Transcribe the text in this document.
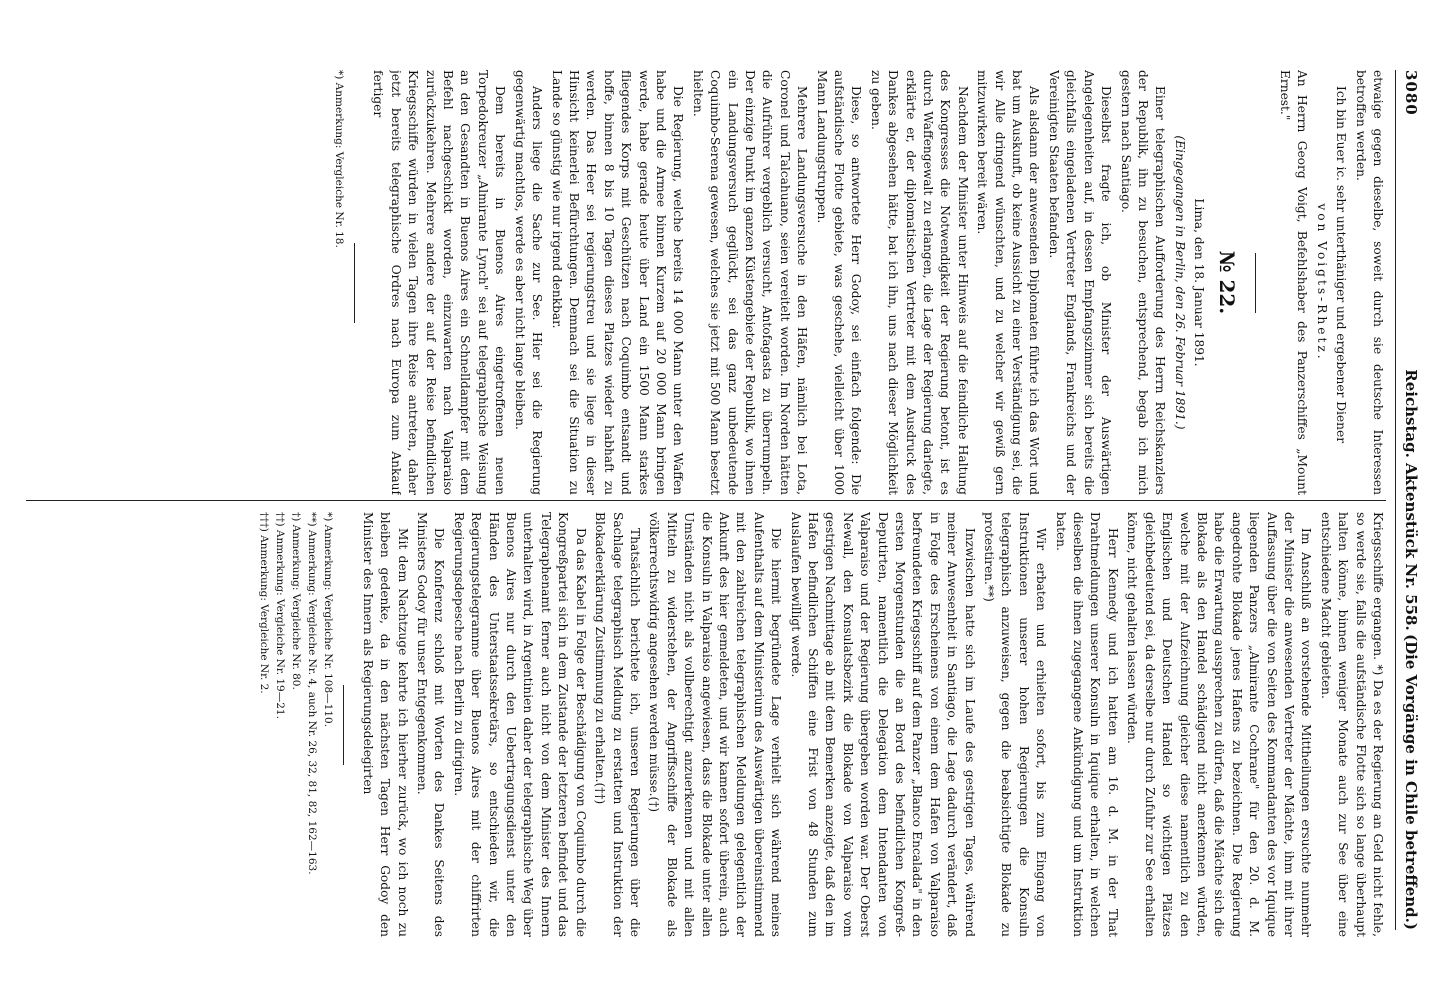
3080
Reichstag. Aktenstück Nr. 558.
(Die Vorgänge in Chile betreffend.)

etwaige gegen dieselbe, soweit durch sie deutsche Interessen betroffen werden.

Ich bin Euer ic. sehr unterthäniger und ergebener Diener

von Voigts-Rhetz.

An Herrn Georg Voigt, Befehlshaber des Panzerschiffes „Mount Ernest."

№ 22.

Lima, den 18. Januar 1891.

(Eingegangen in Berlin, den 26. Februar 1891.)

Einer telegraphischen Aufforderung des Herrn Reichskanzlers der Republik, ihn zu besuchen, entsprechend, begab ich mich gestern nach Santiago.

Dieselbst fragte ich, ob Minister der Auswärtigen Angelegenheiten auf, in dessen Empfangszimmer sich bereits die gleichfalls eingeladenen Vertreter Englands, Frankreichs und der Vereinigten Staaten befanden.

Als alsdann der anwesenden Diplomaten führte ich das Wort und bat um Auskunft, ob keine Aussicht zu einer Verständigung sei, die wir Alle dringend wünschten, und zu welcher wir gewiß gern mitzuwirken bereit wären.

Nachdem der Minister unter Hinweis auf die feindliche Haltung des Kongresses die Notwendigkeit der Regierung betont, ist es durch Waffengewalt zu erlangen, die Lage der Regierung darlegte, erklärte er, der diplomatischen Vertreter mit dem Ausdruck des Dankes abgesehen hätte, bat ich ihn, uns nach dieser Möglichkeit zu geben.

Diese, so antwortete Herr Godoy, sei einfach folgende: Die aufständische Flotte gebiete, was geschehe, vielleicht über 1000 Mann Landungstruppen.

Mehrere Landungsversuche in den Häfen, nämlich bei Lota, Coronel und Talcahuano, seien vereitelt worden. Im Norden hätten die Aufrührer vergeblich versucht, Antofagasta zu überrumpeln. Der einzige Punkt im ganzen Küstengebiete der Republik, wo ihnen ein Landungsversuch geglückt, sei das ganz unbedeutende Coquimbo-Serena gewesen, welches sie jetzt mit 500 Mann besetzt hielten.

Die Regierung, welche bereits 14 000 Mann unter den Waffen habe und die Armee binnen Kurzem auf 20 000 Mann bringen werde, habe gerade heute über Land ein 1500 Mann starkes fliegendes Korps mit Geschützen nach Coquimbo entsandt und hoffe, binnen 8 bis 10 Tagen dieses Platzes wieder habhaft zu werden. Das Heer sei regierungstreu und sie liege in dieser Hinsicht keinerlei Befürchtungen. Demnach sei die Situation zu Lande so günstig wie nur irgend denkbar.

Anders liege die Sache zur See. Hier sei die Regierung gegenwärtig machtlos, werde es aber nicht lange bleiben.

Dem bereits in Buenos Aires eingetroffenen neuen Torpedokreuzer „Almirante Lynch" sei auf telegraphische Weisung an den Gesandten in Buenos Aires ein Schnelldampfer mit dem Befehl nachgeschickt worden, einzuwarten nach Valparaiso zurückzukehren. Mehrere andere der auf der Reise befindlichen Kriegsschiffe würden in vielen Tagen ihre Reise antreten, daher jetzt bereits telegraphische Ordres nach Europa zum Ankauf fertiger

*) Anmerkung: Vergleiche Nr. 18.

Kriegsschiffe ergangen. *) Da es der Regierung an Geld nicht fehle, so werde sie, falls die aufständische Flotte sich so lange überhaupt halten könne, binnen weniger Monate auch zur See über eine entschiedene Macht gebieten.

Im Anschluß an vorstehende Mittheilungen ersuchte nunmehr der Minister die anwesenden Vertreter der Mächte, ihm mit ihrer Auffassung über die von Seiten des Kommandanten des vor Iquique liegenden Panzers „Almirante Cochrane" für den 20. d. M. angedrohte Blokade jenes Hafens zu bezeichnen. Die Regierung habe die Erwartung aussprechen zu dürfen, daß die Mächte sich die Blokade als den Handel schädigend nicht anerkennen würden, welche mit der Aufzeichnung gleicher diese namentlich zu den Englischen und Deutschen Handel so wichtigen Plätzes gleichbedeutend sei, da derselbe nur durch Zufuhr zur See erhalten könne, nicht gehalten lassen würden.

Herr Kennedy und ich hatten am 16. d. M. in der That Drahtmeldungen unserer Konsuln in Iquique erhalten, in welchen dieselben die ihnen zugegangene Ankündigung und um Instruktion baten.

Wir erbaten und erhielten sofort, bis zum Eingang von Instruktionen unserer hohen Regierungen die Konsuln telegraphisch anzuweisen, gegen die beabsichtigte Blokade zu protestiren.**)

Inzwischen hatte sich im Laufe des gestrigen Tages, während meiner Anwesenheit in Santiago, die Lage dadurch verändert, daß in Folge des Erscheinens von einem dem Hafen von Valparaiso befreundeten Kriegsschiff auf dem Panzer „Blanco Encalada" in den ersten Morgenstunden die an Bord des befindlichen Kongreß-Deputirten, namentlich die Delegation dem Intendanten von Valparaiso und der Regierung übergeben worden war. Der Oberst Newall, den Konsulatsbezirk die Blokade von Valparaiso vom gestrigen Nachmittage ab mit dem Bemerken anzeigte, daß den im Hafen befindlichen Schiffen eine Frist von 48 Stunden zum Auslaufen bewilligt werde.

Die hiermit begründete Lage verhielt sich während meines Aufenthalts auf dem Ministerium des Auswärtigen übereinstimmend mit den zahlreichen telegraphischen Meldungen gelegentlich der Ankunft des hier gemeldeten, und wir kamen sofort überein, auch die Konsuln in Valparaiso angewiesen, dass die Blokade unter allen Umständen nicht als vollberechtigt anzuerkennen und mit allen Mitteln zu widerstehen, der Angriffsschiffe der Blokade als völkerrechtswidrig angesehen werden müsse.(†)

Thatsächlich berichtete ich, unseren Regierungen über die Sachlage telegraphisch Meldung zu erstatten und Instruktion der Blokadeerklärung Zustimmung zu erhalten.(††)

Da das Kabel in Folge der Beschädigung von Coquimbo durch die Kongreßpartei sich in dem Zustande der letzteren befindet und das Telegraphenamt ferner auch nicht von dem Minister des Innern unterhalten wird, in Argentinien daher der telegraphische Weg über Buenos Aires nur durch den Uebertragungsdienst unter den Händen des Unterstaatssekretärs, so entschieden wir, die Regierungstelegramme über Buenos Aires mit der chiffrirten Regierungsdepesche nach Berlin zu dirigiren.

Die Konferenz schloß mit Worten des Dankes Seitens des Ministers Godoy für unser Entgegenkommen.

Mit dem Nachtzuge kehrte ich hierher zurück, wo ich noch zu bleiben gedenke, da in den nächsten Tagen Herr Godoy den Minister des Innern als Regierungsdelegirten

*) Anmerkung: Vergleiche Nr. 108—110.

**) Anmerkung: Vergleiche Nr. 4, auch Nr. 26, 32, 81, 82, 162—163.

†) Anmerkung: Vergleiche Nr. 80.

††) Anmerkung: Vergleiche Nr. 19—21.

†††) Anmerkung: Vergleiche Nr. 2.
